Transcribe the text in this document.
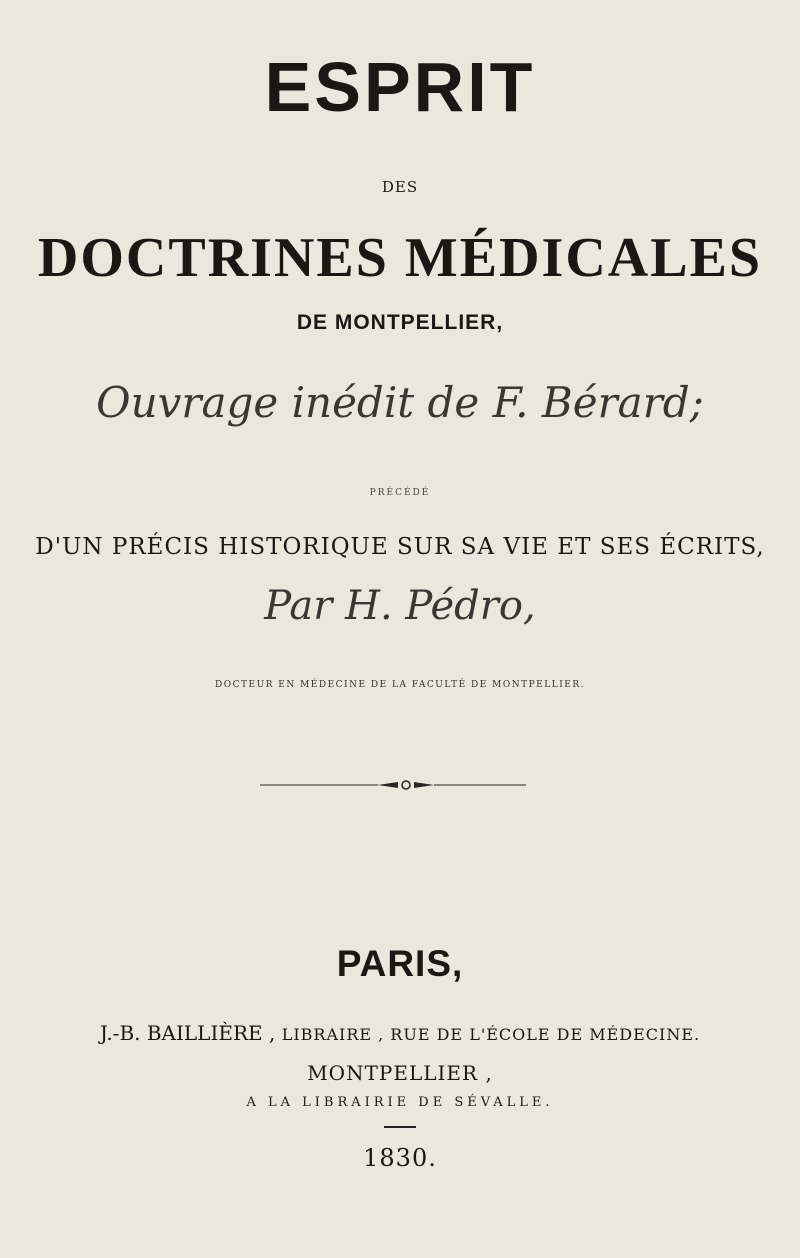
ESPRIT
DES
DOCTRINES MÉDICALES
DE MONTPELLIER,
Ouvrage inédit de F. Bérard;
PRÉCÉDÉ
D'UN PRÉCIS HISTORIQUE SUR SA VIE ET SES ÉCRITS,
Par H. Pédro,
DOCTEUR EN MÉDECINE DE LA FACULTÉ DE MONTPELLIER.
PARIS,
J.-B. BAILLIÈRE , LIBRAIRE , RUE DE L'ÉCOLE DE MÉDECINE.
MONTPELLIER ,
A LA LIBRAIRIE DE SÉVALLE.
1830.
